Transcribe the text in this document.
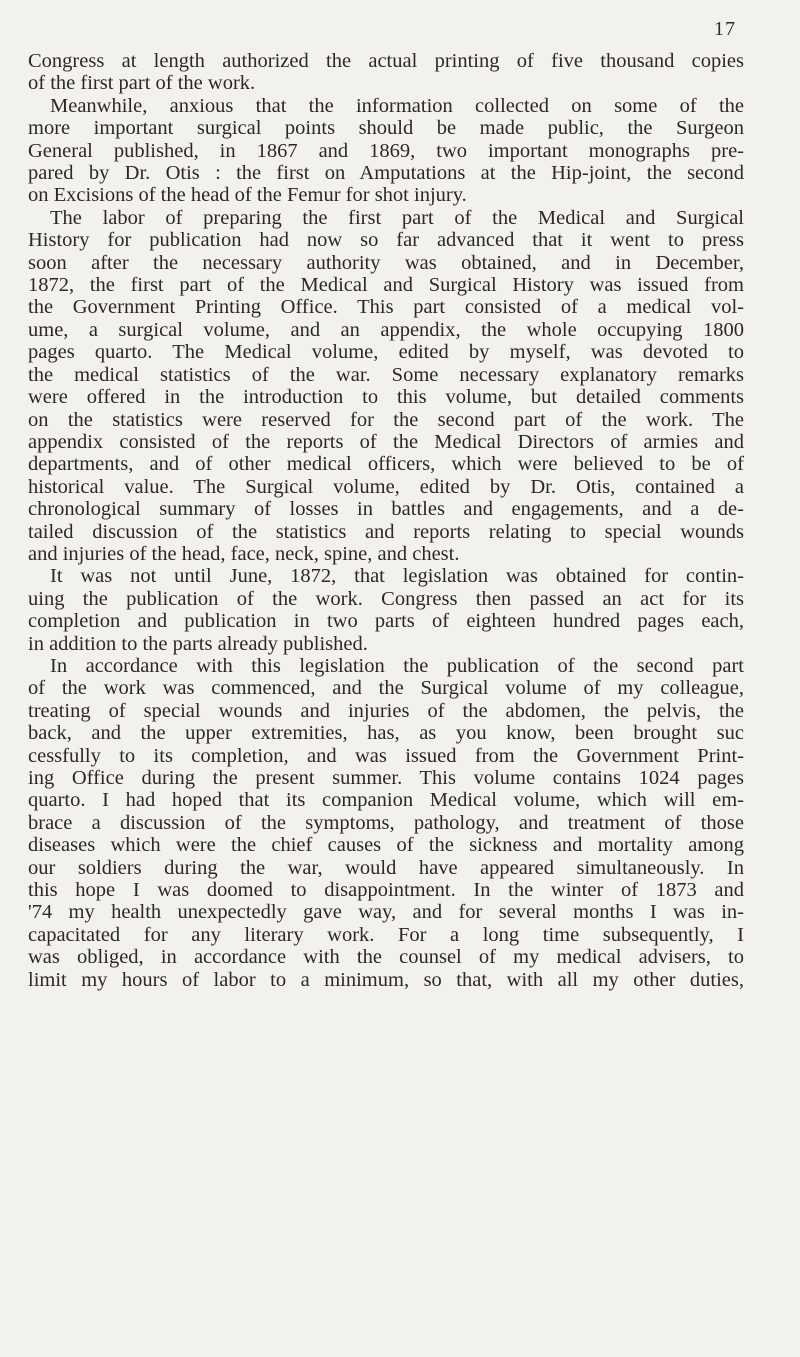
17
Congress at length authorized the actual printing of five thousand copies
of the first part of the work.
Meanwhile, anxious that the information collected on some of the
more important surgical points should be made public, the Surgeon
General published, in 1867 and 1869, two important monographs pre-
pared by Dr. Otis : the first on Amputations at the Hip-joint, the second
on Excisions of the head of the Femur for shot injury.
The labor of preparing the first part of the Medical and Surgical
History for publication had now so far advanced that it went to press
soon after the necessary authority was obtained, and in December,
1872, the first part of the Medical and Surgical History was issued from
the Government Printing Office. This part consisted of a medical vol-
ume, a surgical volume, and an appendix, the whole occupying 1800
pages quarto. The Medical volume, edited by myself, was devoted to
the medical statistics of the war. Some necessary explanatory remarks
were offered in the introduction to this volume, but detailed comments
on the statistics were reserved for the second part of the work. The
appendix consisted of the reports of the Medical Directors of armies and
departments, and of other medical officers, which were believed to be of
historical value. The Surgical volume, edited by Dr. Otis, contained a
chronological summary of losses in battles and engagements, and a de-
tailed discussion of the statistics and reports relating to special wounds
and injuries of the head, face, neck, spine, and chest.
It was not until June, 1872, that legislation was obtained for contin-
uing the publication of the work. Congress then passed an act for its
completion and publication in two parts of eighteen hundred pages each,
in addition to the parts already published.
In accordance with this legislation the publication of the second part
of the work was commenced, and the Surgical volume of my colleague,
treating of special wounds and injuries of the abdomen, the pelvis, the
back, and the upper extremities, has, as you know, been brought suc
cessfully to its completion, and was issued from the Government Print-
ing Office during the present summer. This volume contains 1024 pages
quarto. I had hoped that its companion Medical volume, which will em-
brace a discussion of the symptoms, pathology, and treatment of those
diseases which were the chief causes of the sickness and mortality among
our soldiers during the war, would have appeared simultaneously. In
this hope I was doomed to disappointment. In the winter of 1873 and
'74 my health unexpectedly gave way, and for several months I was in-
capacitated for any literary work. For a long time subsequently, I
was obliged, in accordance with the counsel of my medical advisers, to
limit my hours of labor to a minimum, so that, with all my other duties,
